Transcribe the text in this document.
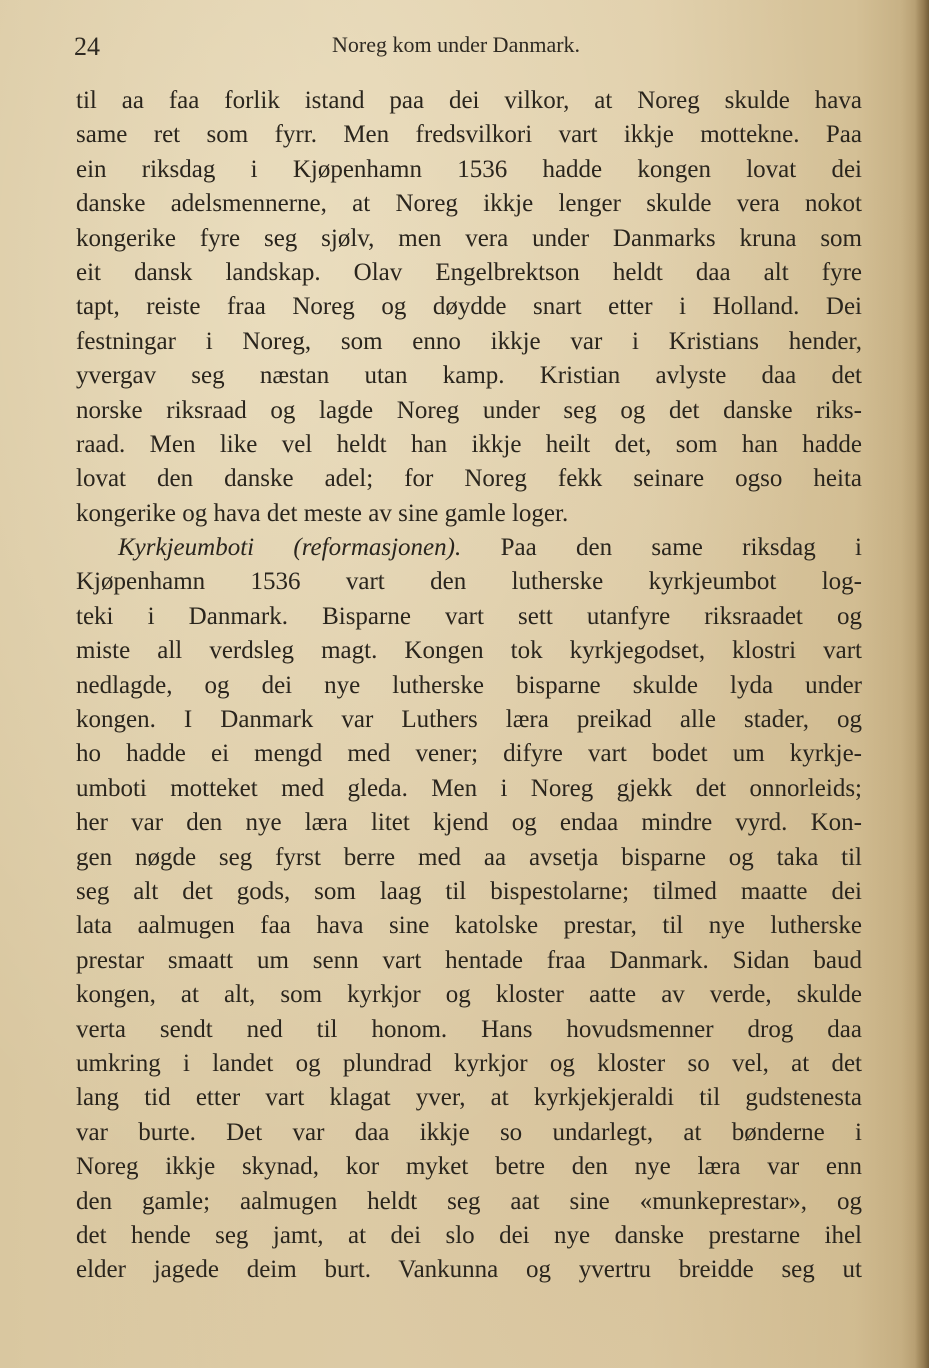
24	Noreg kom under Danmark.
til aa faa forlik istand paa dei vilkor, at Noreg skulde hava
same ret som fyrr. Men fredsvilkori vart ikkje mottekne. Paa
ein riksdag i Kjøpenhamn 1536 hadde kongen lovat dei
danske adelsmennerne, at Noreg ikkje lenger skulde vera nokot
kongerike fyre seg sjølv, men vera under Danmarks kruna som
eit dansk landskap. Olav Engelbrektson heldt daa alt fyre
tapt, reiste fraa Noreg og døydde snart etter i Holland. Dei
festningar i Noreg, som enno ikkje var i Kristians hender,
yvergav seg næstan utan kamp. Kristian avlyste daa det
norske riksraad og lagde Noreg under seg og det danske riks-
raad. Men like vel heldt han ikkje heilt det, som han hadde
lovat den danske adel; for Noreg fekk seinare ogso heita
kongerike og hava det meste av sine gamle loger.
Kyrkjeumboti (reformasjonen). Paa den same riksdag i
Kjøpenhamn 1536 vart den lutherske kyrkjeumbot log-
teki i Danmark. Bisparne vart sett utanfyre riksraadet og
miste all verdsleg magt. Kongen tok kyrkjegodset, klostri vart
nedlagde, og dei nye lutherske bisparne skulde lyda under
kongen. I Danmark var Luthers læra preikad alle stader, og
ho hadde ei mengd med vener; difyre vart bodet um kyrkje-
umboti motteket med gleda. Men i Noreg gjekk det onnorleids;
her var den nye læra litet kjend og endaa mindre vyrd. Kon-
gen nøgde seg fyrst berre med aa avsetja bisparne og taka til
seg alt det gods, som laag til bispestolarne; tilmed maatte dei
lata aalmugen faa hava sine katolske prestar, til nye lutherske
prestar smaatt um senn vart hentade fraa Danmark. Sidan baud
kongen, at alt, som kyrkjor og kloster aatte av verde, skulde
verta sendt ned til honom. Hans hovudsmenner drog daa
umkring i landet og plundrad kyrkjor og kloster so vel, at det
lang tid etter vart klagat yver, at kyrkjekjeraldi til gudstenesta
var burte. Det var daa ikkje so undarlegt, at bønderne i
Noreg ikkje skynad, kor myket betre den nye læra var enn
den gamle; aalmugen heldt seg aat sine «munkeprestar», og
det hende seg jamt, at dei slo dei nye danske prestarne ihel
elder jagede deim burt. Vankunna og yvertru breidde seg ut
